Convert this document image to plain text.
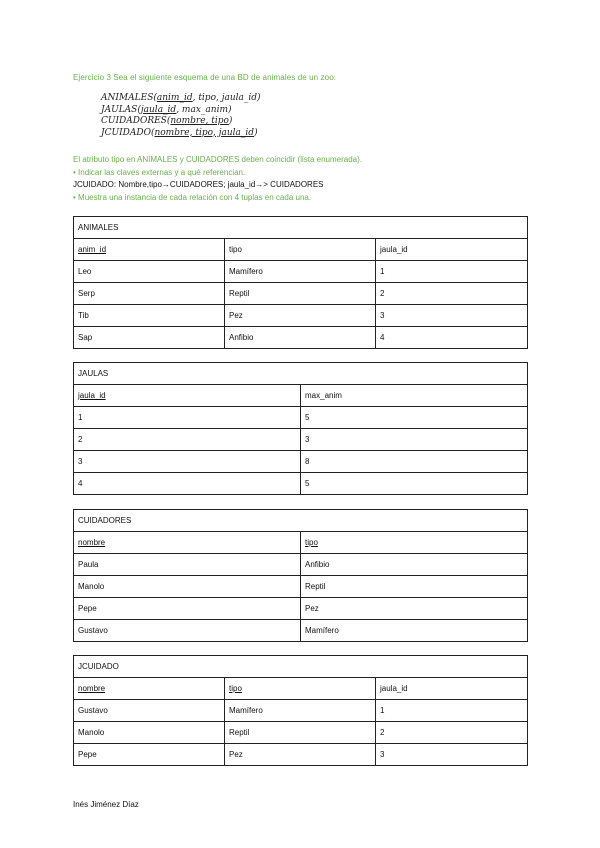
Ejercicio 3 Sea el siguiente esquema de una BD de animales de un zoo:
ANIMALES(anim_id, tipo, jaula_id)
JAULAS(jaula_id, max_anim)
CUIDADORES(nombre, tipo)
JCUIDADO(nombre, tipo, jaula_id)
El atributo tipo en ANIMALES y CUIDADORES deben coincidir (lista enumerada).
• Indicar las claves externas y a qué referencian.
JCUIDADO: Nombre,tipo→CUIDADORES; jaula_id→> CUIDADORES
• Muestra una instancia de cada relación con 4 tuplas en cada una.
ANIMALES		
anim_id	tipo	jaula_id
Leo	Mamífero	1
Serp	Reptil	2
Tib	Pez	3
Sap	Anfibio	4
JAULAS	
jaula_id	max_anim
1	5
2	3
3	8
4	5
CUIDADORES	
nombre	tipo
Paula	Anfibio
Manolo	Reptil
Pepe	Pez
Gustavo	Mamífero
JCUIDADO		
nombre	tipo	jaula_id
Gustavo	Mamífero	1
Manolo	Reptil	2
Pepe	Pez	3
Inés Jiménez Díaz
